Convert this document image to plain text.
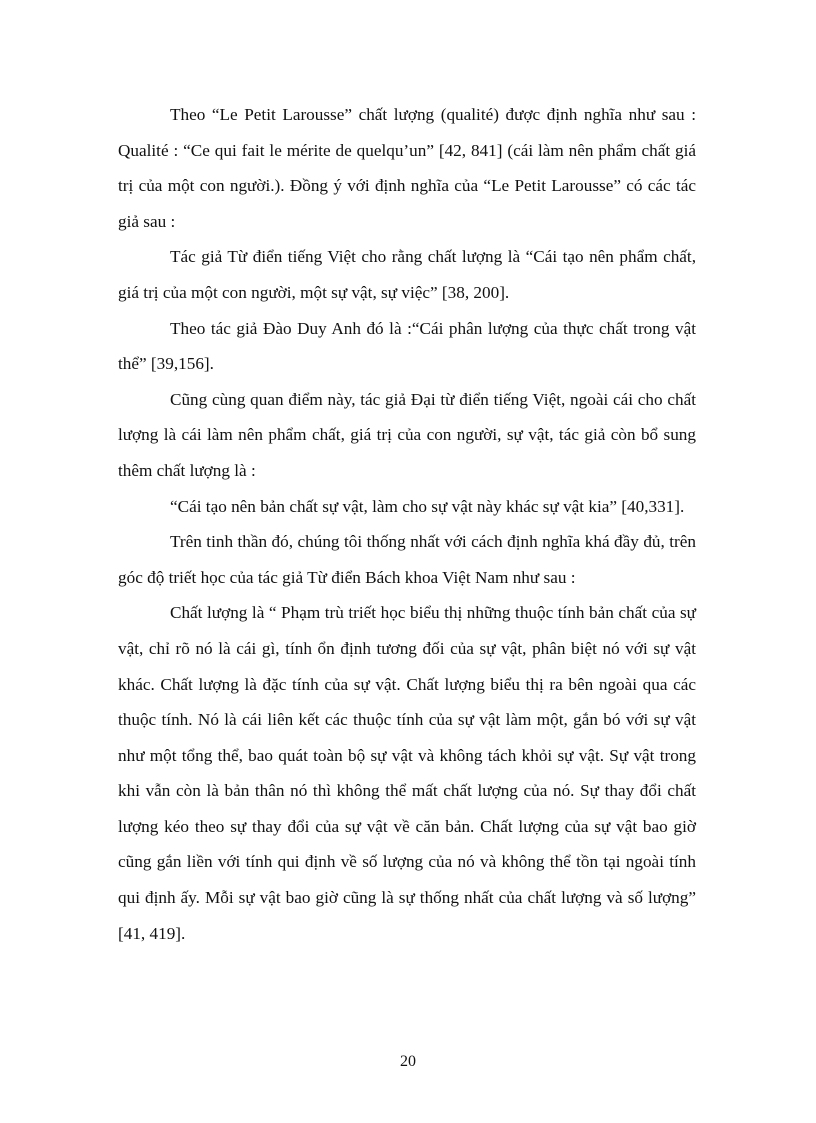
Theo “Le Petit Larousse” chất lượng (qualité) được định nghĩa như sau : Qualité : “Ce qui fait le mérite de quelqu’un” [42, 841] (cái làm nên phẩm chất giá trị của một con người.). Đồng ý với định nghĩa của “Le Petit Larousse” có các tác giả sau :

Tác giả Từ điển tiếng Việt cho rằng chất lượng là “Cái tạo nên phẩm chất, giá trị của một con người, một sự vật, sự việc” [38, 200].

Theo tác giả Đào Duy Anh đó là :“Cái phân lượng của thực chất trong vật thể” [39,156].

Cũng cùng quan điểm này, tác giả Đại từ điển tiếng Việt, ngoài cái cho chất lượng là cái làm nên phẩm chất, giá trị của con người, sự vật, tác giả còn bổ sung thêm chất lượng là :

“Cái tạo nên bản chất sự vật, làm cho sự vật này khác sự vật kia” [40,331].

Trên tinh thần đó, chúng tôi thống nhất với cách định nghĩa khá đầy đủ, trên góc độ triết học của tác giả Từ điển Bách khoa Việt Nam như sau :

Chất lượng là “ Phạm trù triết học biểu thị những thuộc tính bản chất của sự vật, chỉ rõ nó là cái gì, tính ổn định tương đối của sự vật, phân biệt nó với sự vật khác. Chất lượng là đặc tính của sự vật. Chất lượng biểu thị ra bên ngoài qua các thuộc tính. Nó là cái liên kết các thuộc tính của sự vật làm một, gắn bó với sự vật như một tổng thể, bao quát toàn bộ sự vật và không tách khỏi sự vật. Sự vật trong khi vẫn còn là bản thân nó thì không thể mất chất lượng của nó. Sự thay đổi chất lượng kéo theo sự thay đổi của sự vật về căn bản. Chất lượng của sự vật bao giờ cũng gắn liền với tính qui định về số lượng của nó và không thể tồn tại ngoài tính qui định ấy. Mỗi sự vật bao giờ cũng là sự thống nhất của chất lượng và số lượng” [41, 419].

20
